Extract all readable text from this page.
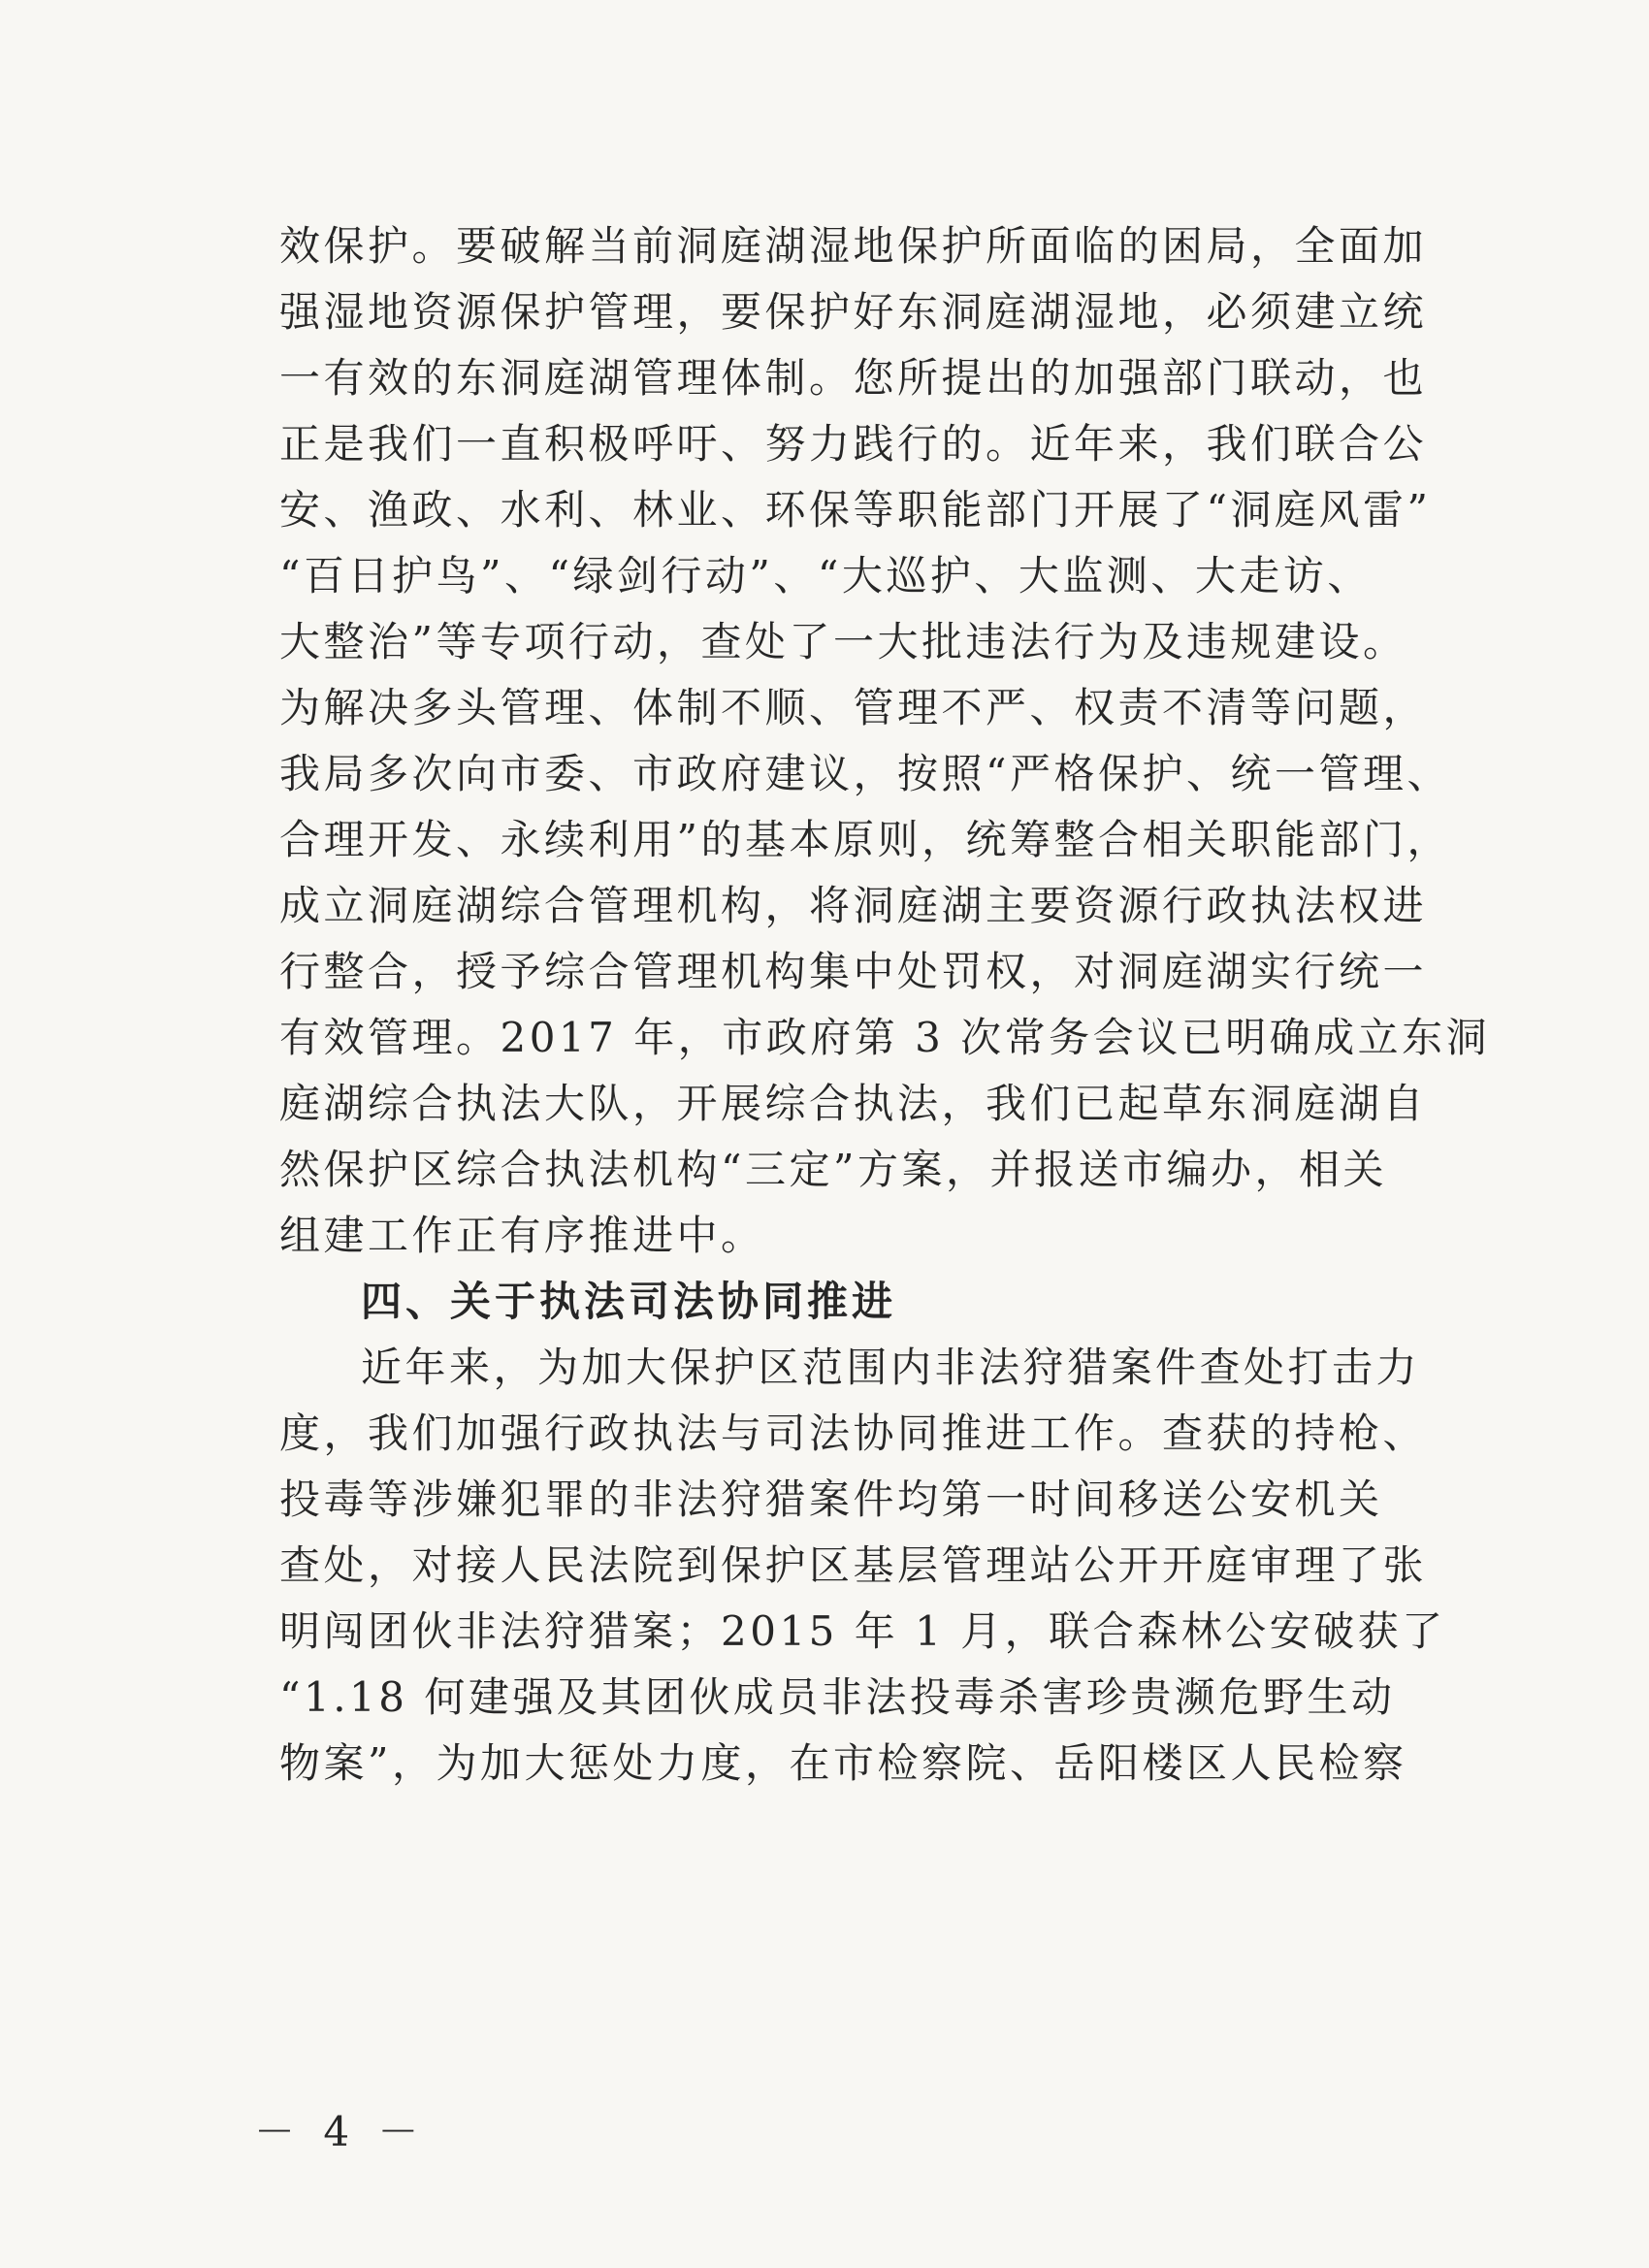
效保护。要破解当前洞庭湖湿地保护所面临的困局，全面加
强湿地资源保护管理，要保护好东洞庭湖湿地，必须建立统
一有效的东洞庭湖管理体制。您所提出的加强部门联动，也
正是我们一直积极呼吁、努力践行的。近年来，我们联合公
安、渔政、水利、林业、环保等职能部门开展了“洞庭风雷”
“百日护鸟”、“绿剑行动”、“大巡护、大监测、大走访、
大整治”等专项行动，查处了一大批违法行为及违规建设。
为解决多头管理、体制不顺、管理不严、权责不清等问题，
我局多次向市委、市政府建议，按照“严格保护、统一管理、
合理开发、永续利用”的基本原则，统筹整合相关职能部门，
成立洞庭湖综合管理机构，将洞庭湖主要资源行政执法权进
行整合，授予综合管理机构集中处罚权，对洞庭湖实行统一
有效管理。2017 年，市政府第 3 次常务会议已明确成立东洞
庭湖综合执法大队，开展综合执法，我们已起草东洞庭湖自
然保护区综合执法机构“三定”方案，并报送市编办，相关
组建工作正有序推进中。
四、关于执法司法协同推进
近年来，为加大保护区范围内非法狩猎案件查处打击力
度，我们加强行政执法与司法协同推进工作。查获的持枪、
投毒等涉嫌犯罪的非法狩猎案件均第一时间移送公安机关
查处，对接人民法院到保护区基层管理站公开开庭审理了张
明闯团伙非法狩猎案；2015 年 1 月，联合森林公安破获了
“1.18 何建强及其团伙成员非法投毒杀害珍贵濒危野生动
物案”，为加大惩处力度，在市检察院、岳阳楼区人民检察
－ 4 －
